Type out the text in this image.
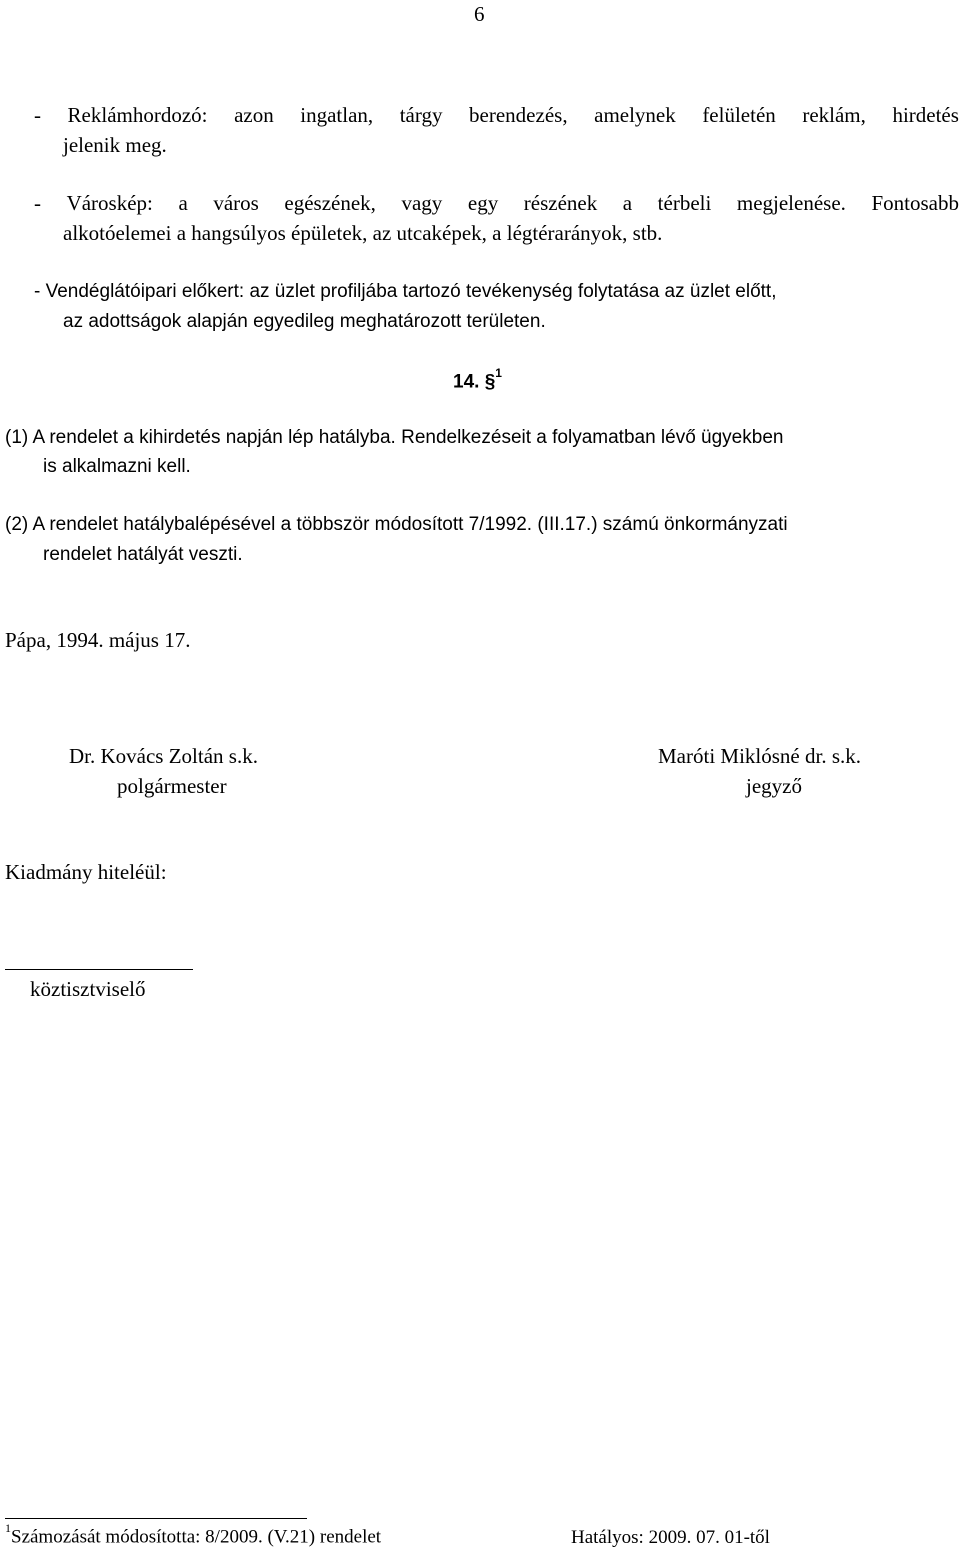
6
- Reklámhordozó: azon ingatlan, tárgy berendezés, amelynek felületén reklám, hirdetés
jelenik meg.
- Városkép: a város egészének, vagy egy részének a térbeli megjelenése. Fontosabb
alkotóelemei a hangsúlyos épületek, az utcaképek, a légtérarányok, stb.
- Vendéglátóipari előkert: az üzlet profiljába tartozó tevékenység folytatása az üzlet előtt,
az adottságok alapján egyedileg meghatározott területen.
14. §$^1$
(1) A rendelet a kihirdetés napján lép hatályba. Rendelkezéseit a folyamatban lévő ügyekben
is alkalmazni kell.
(2) A rendelet hatálybalépésével a többször módosított 7/1992. (III.17.) számú önkormányzati
rendelet hatályát veszti.
Pápa, 1994. május 17.
Dr. Kovács Zoltán s.k.
polgármester
Maróti Miklósné dr. s.k.
jegyző
Kiadmány hiteléül:
köztisztviselő
$^1$Számozását módosította: 8/2009. (V.21) rendelet	Hatályos: 2009. 07. 01-től
